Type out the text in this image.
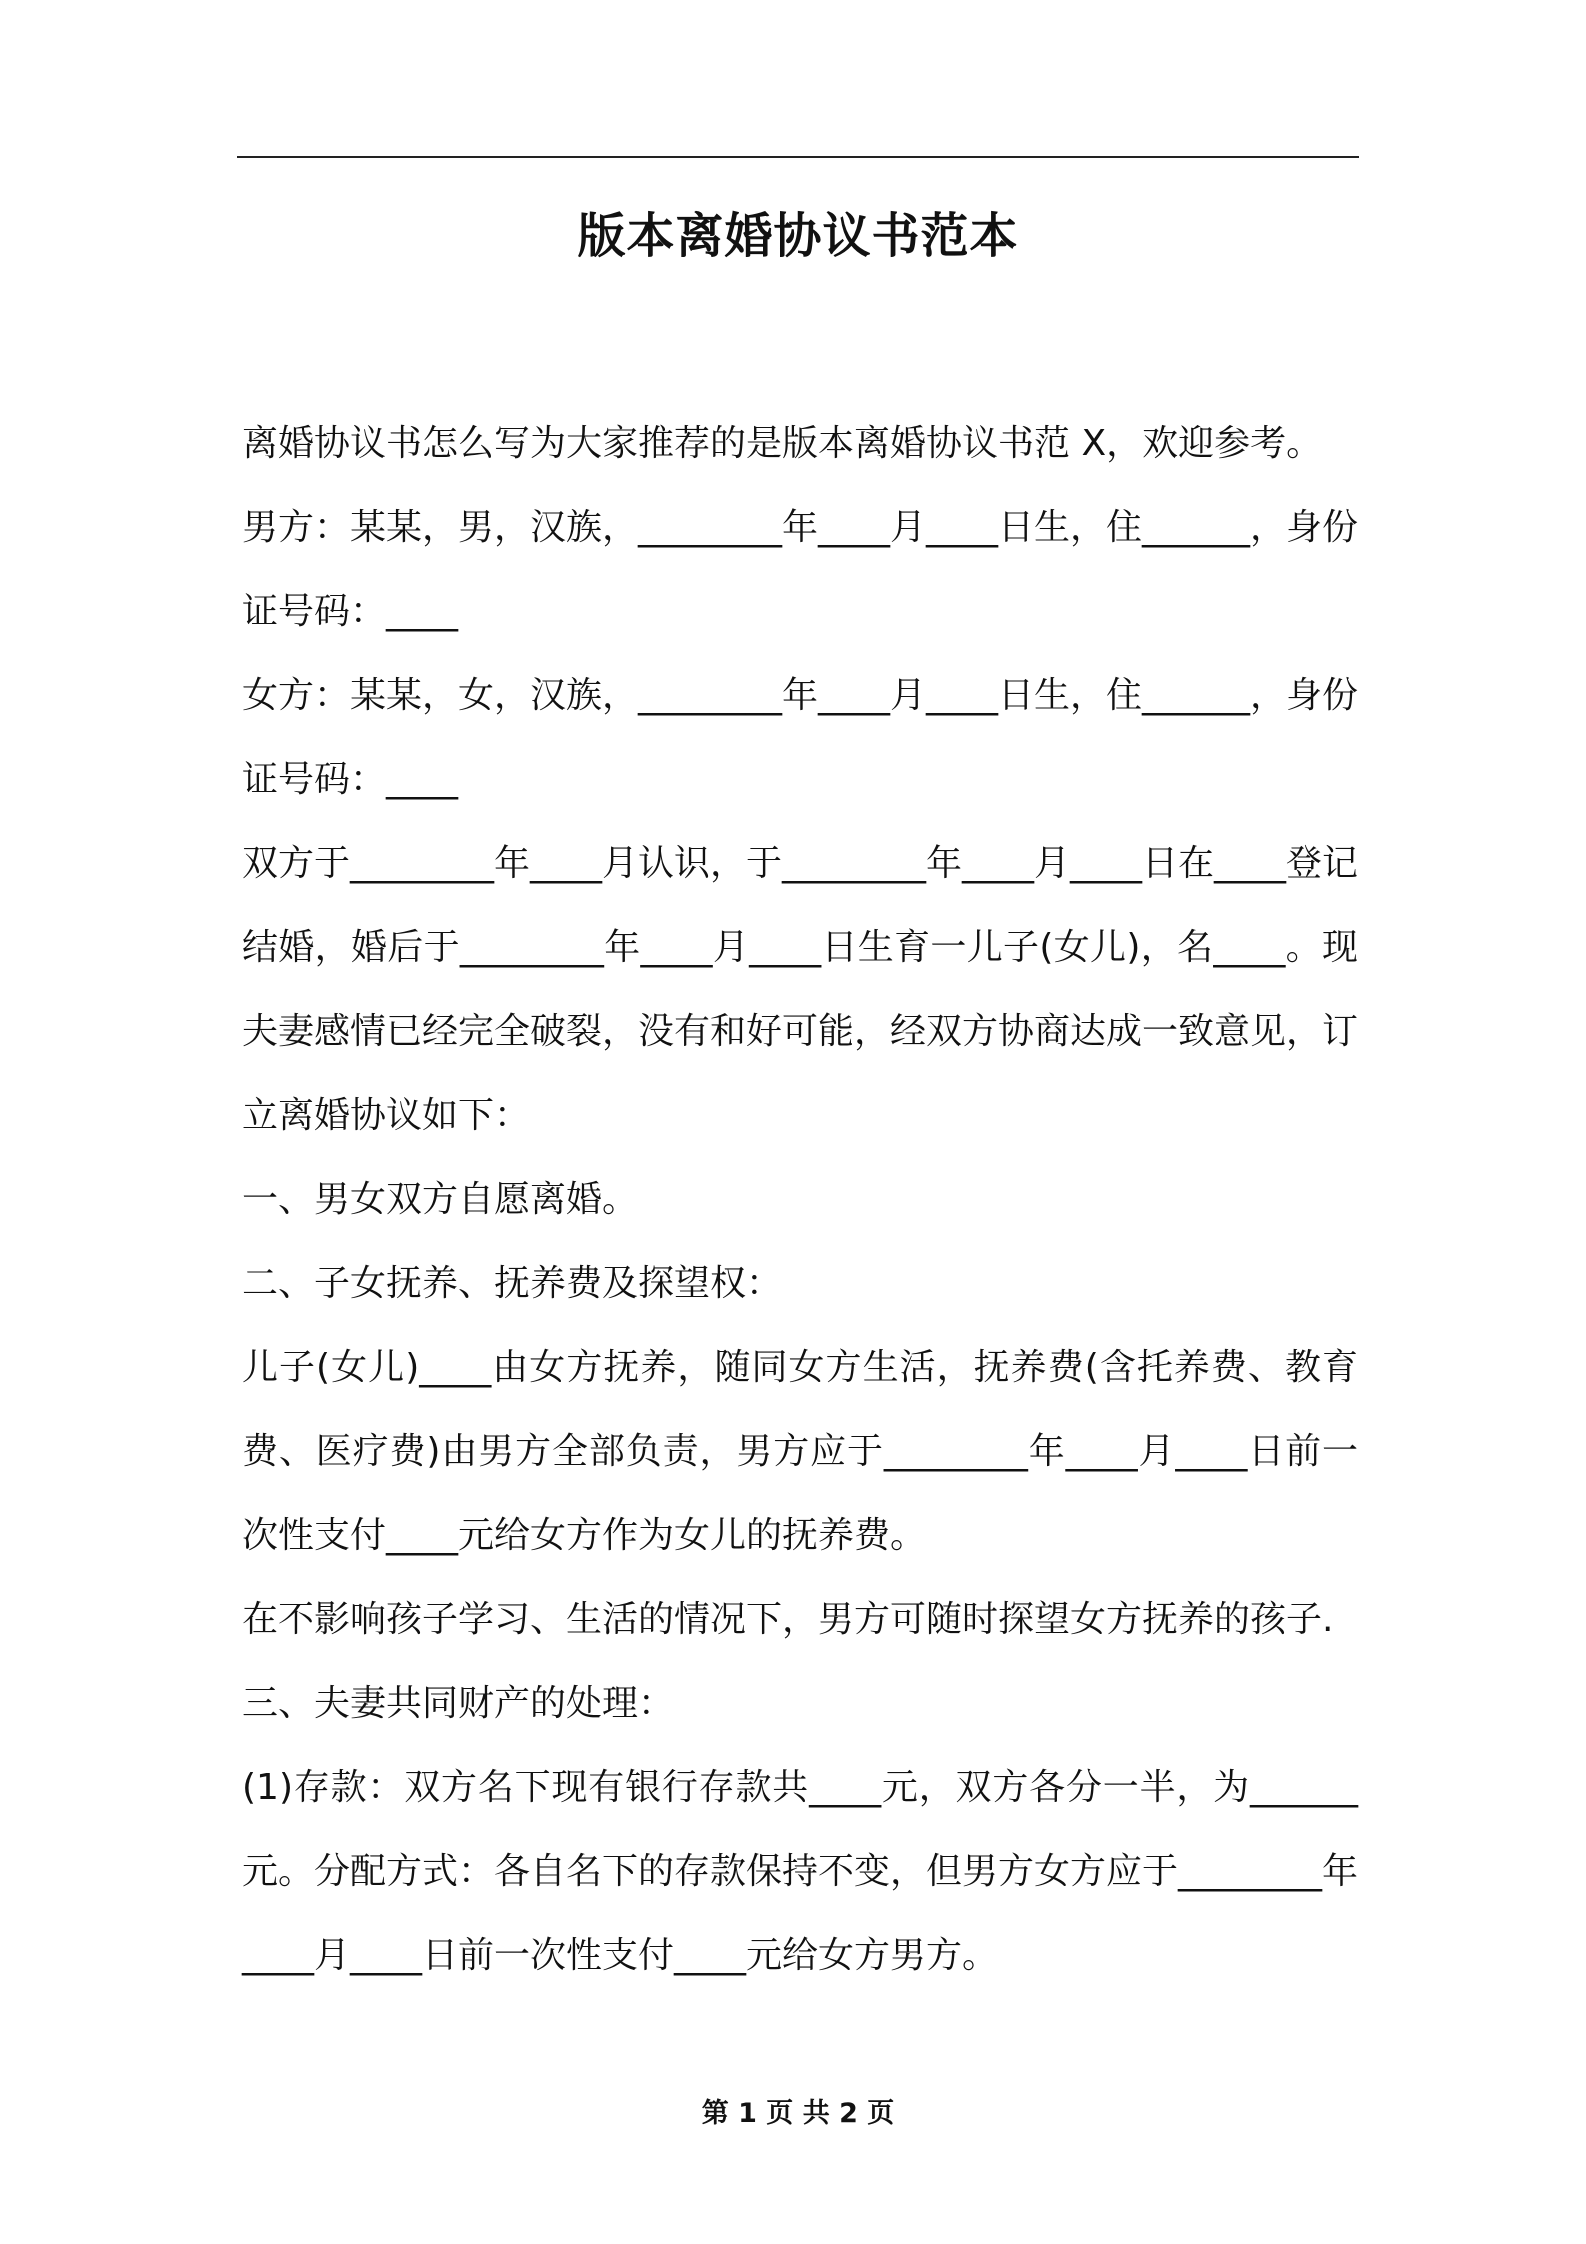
版本离婚协议书范本

离婚协议书怎么写为大家推荐的是版本离婚协议书范 X，欢迎参考。

男方：某某，男，汉族，________年____月____日生，住______，身份证号码：____

女方：某某，女，汉族，________年____月____日生，住______，身份证号码：____

双方于________年____月认识，于________年____月____日在____登记结婚，婚后于________年____月____日生育一儿子(女儿)，名____。现夫妻感情已经完全破裂，没有和好可能，经双方协商达成一致意见，订立离婚协议如下：

一、男女双方自愿离婚。

二、子女抚养、抚养费及探望权：

儿子(女儿)____由女方抚养，随同女方生活，抚养费(含托养费、教育费、医疗费)由男方全部负责，男方应于________年____月____日前一次性支付____元给女方作为女儿的抚养费。

在不影响孩子学习、生活的情况下，男方可随时探望女方抚养的孩子.

三、夫妻共同财产的处理：

(1)存款：双方名下现有银行存款共____元，双方各分一半，为______元。分配方式：各自名下的存款保持不变，但男方女方应于________年____月____日前一次性支付____元给女方男方。

第 1 页 共 2 页
